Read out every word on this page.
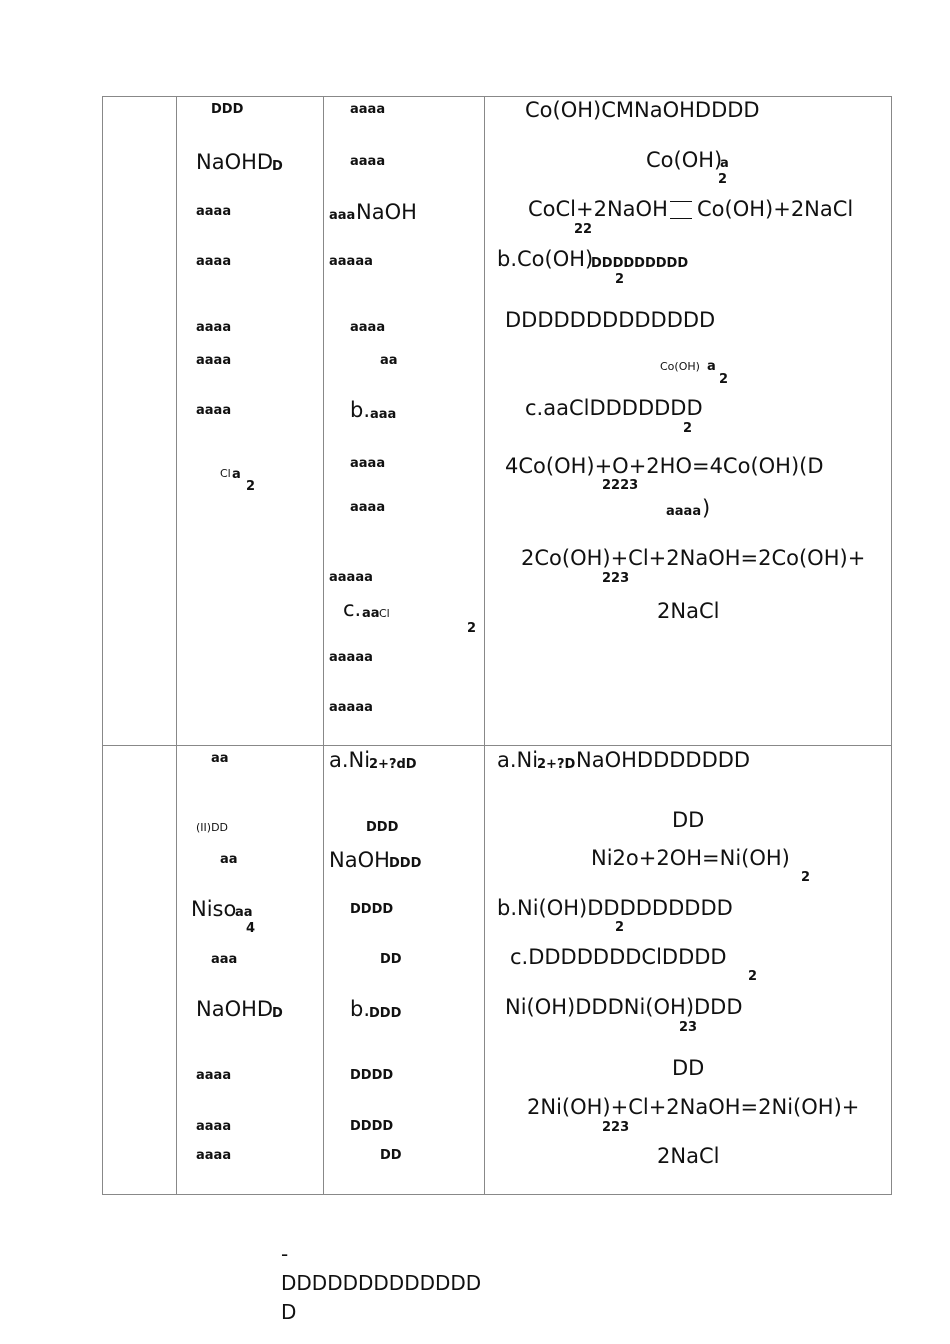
DDD
NaOHD
D
aaaa
aaaa
aaaa
aaaa
aaaa
Cl a
2
aaaa
aaaa
aaa NaOH
aaaaa
aaaa
aa
b. aaa
aaaa
aaaa
aaaaa
c. aa Cl
2
aaaaa
aaaaa
Co(OH)CMNaOHDDDD
Co(OH)
a
2
CoCl+2NaOH Co(OH)+2NaCl
22
b.Co(OH)
DDDDDDDDD
2
DDDDDDDDDDDDD
Co(OH) a
2
c.aaClDDDDDDD
2
4Co(OH)+O+2HO=4Co(OH)(D
2223
aaaa )
2Co(OH)+Cl+2NaOH=2Co(OH)+
223
2NaCl
aa
(II)DD
aa
Niso
aa
4
aaa
NaOHD
D
aaaa
aaaa
aaaa
a.Ni
2+?dD
DDD
NaOH DDD
DDDD
DD
b.
DDD
DDDD
DDDD
DD
a.Ni
2+?D NaOHDDDDDDD
DD
Ni2o+2OH=Ni(OH)
2
b.Ni(OH)DDDDDDDDD
2
c.DDDDDDDClDDDD
2
Ni(OH)DDDNi(OH)DDD
23
DD
2Ni(OH)+Cl+2NaOH=2Ni(OH)+
223
2NaCl
-
DDDDDDDDDDDDD
D
